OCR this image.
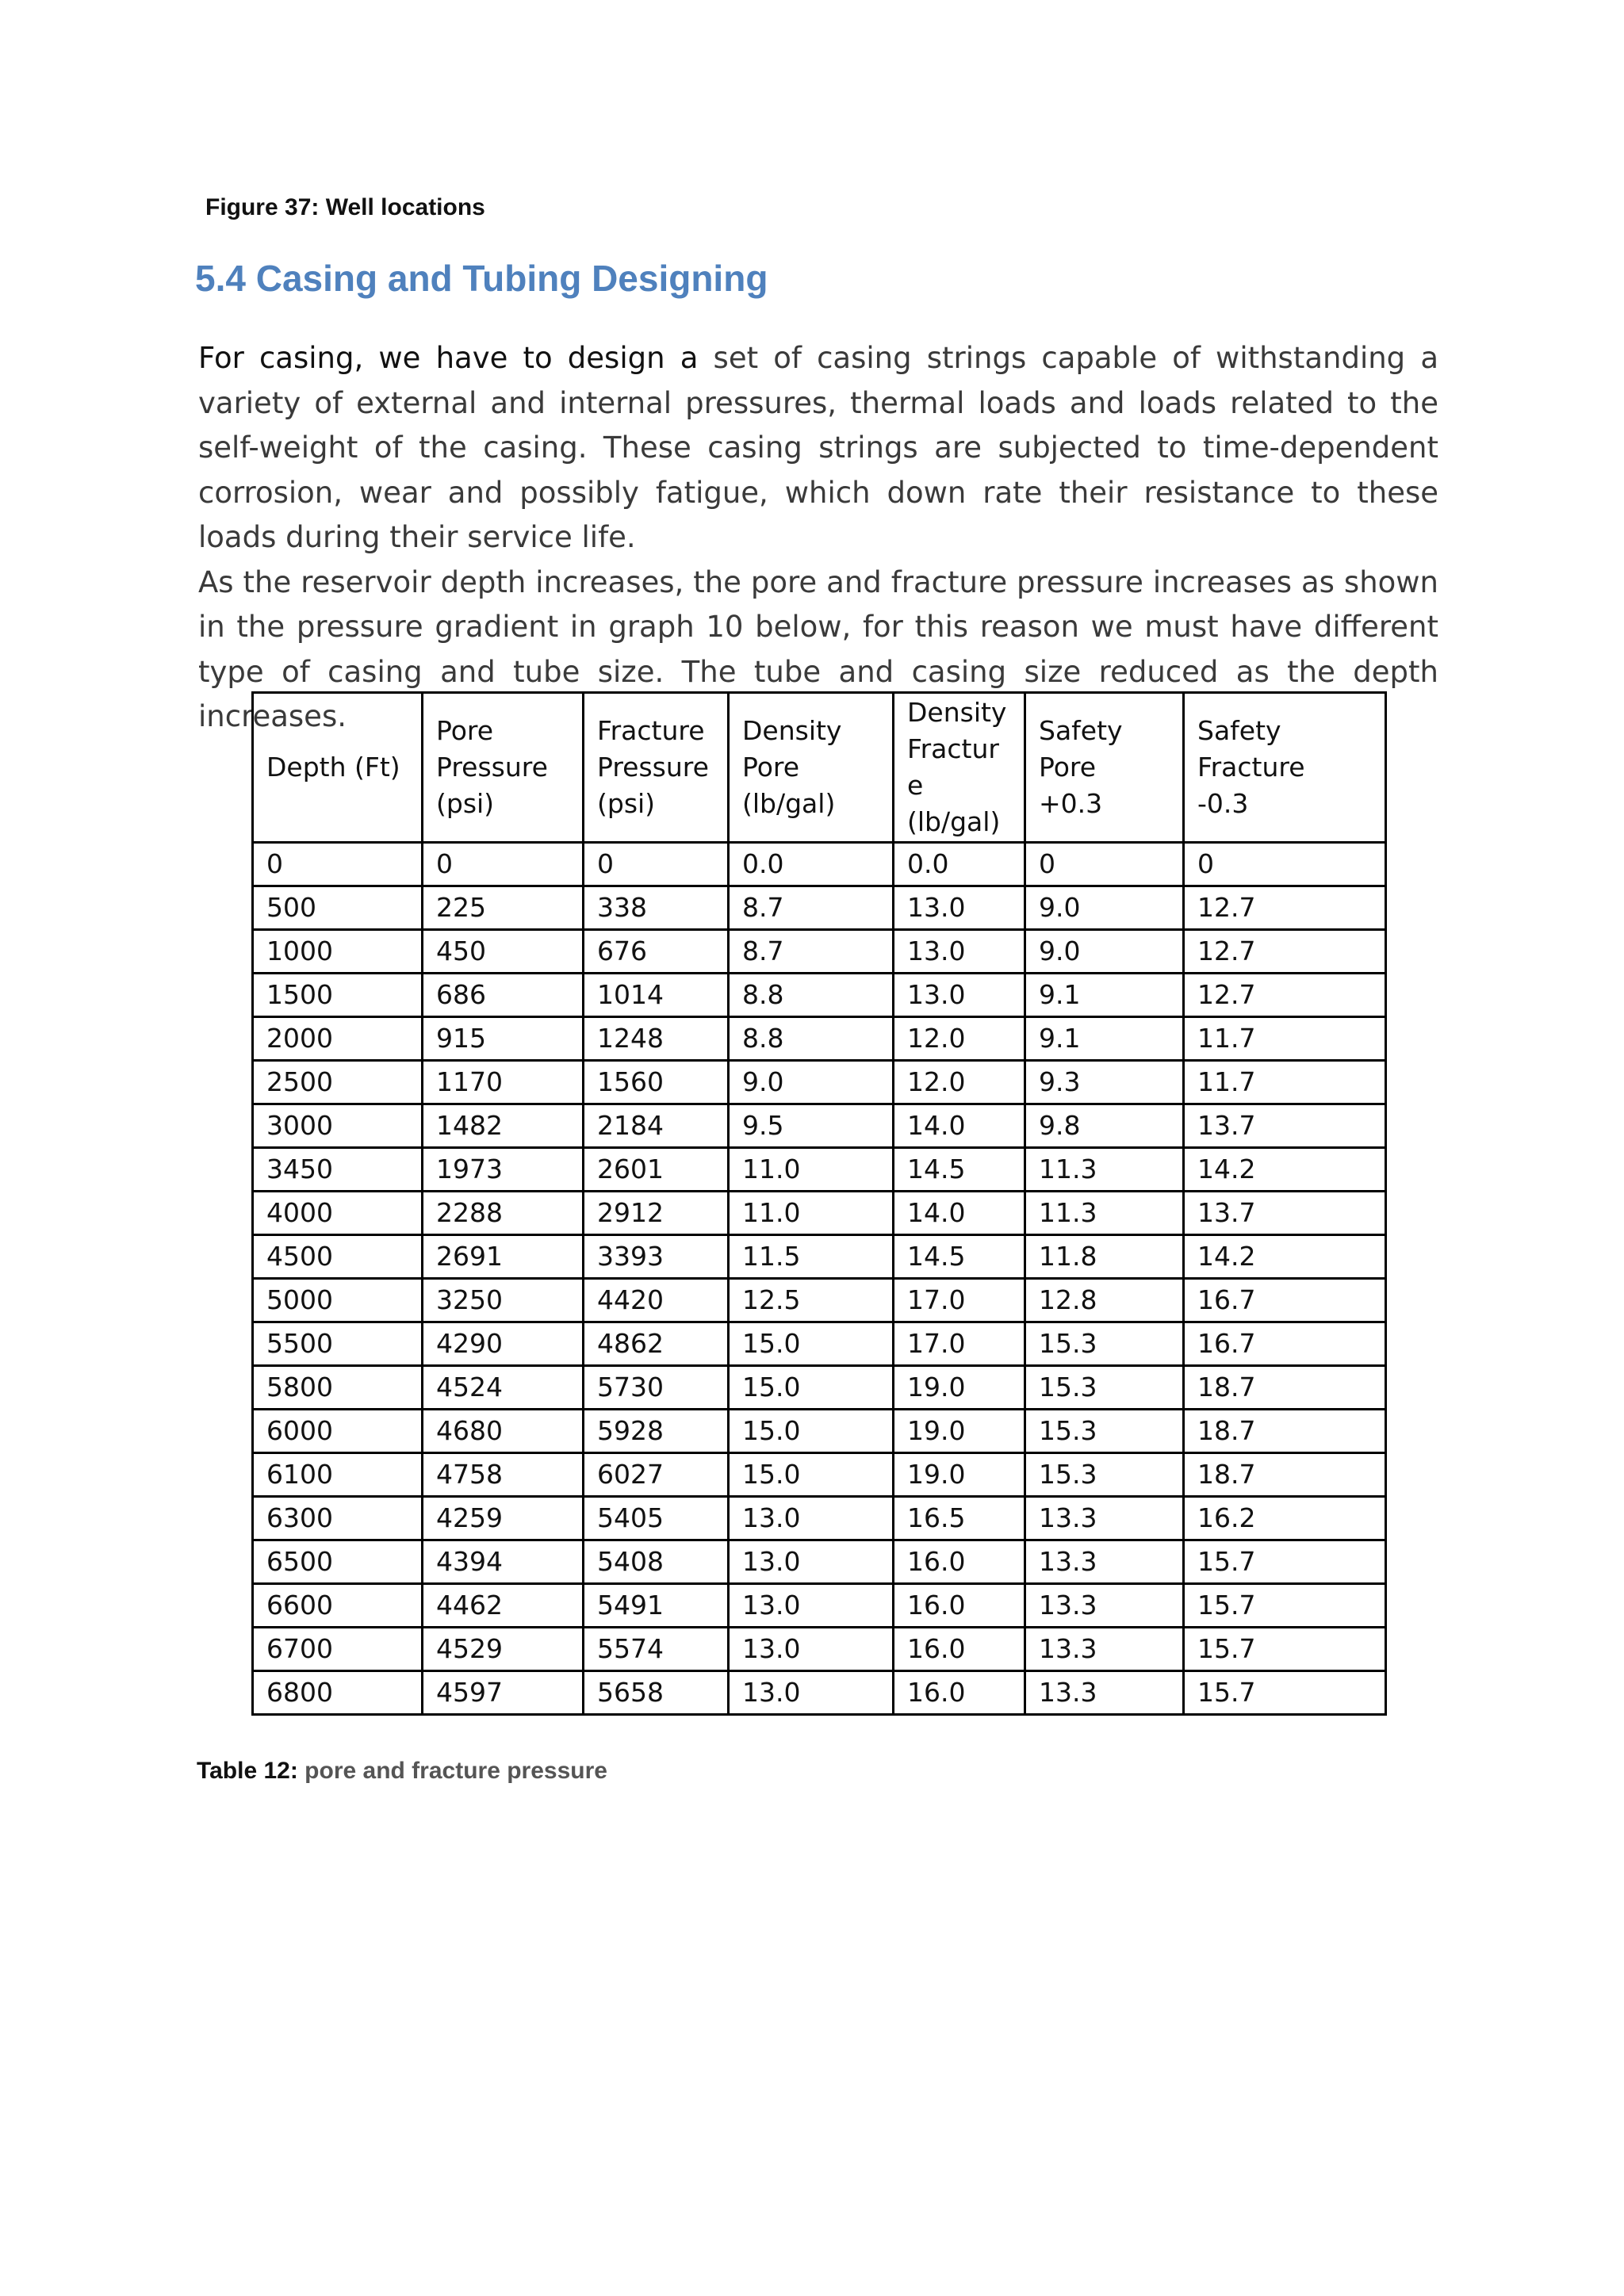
Figure 37: Well locations
5.4 Casing and Tubing Designing

For casing, we have to design a set of casing strings capable of withstanding a variety of external and internal pressures, thermal loads and loads related to the self-weight of the casing. These casing strings are subjected to time-dependent corrosion, wear and possibly fatigue, which down rate their resistance to these loads during their service life.

As the reservoir depth increases, the pore and fracture pressure increases as shown in the pressure gradient in graph 10 below, for this reason we must have different type of casing and tube size. The tube and casing size reduced as the depth increases.

Depth (Ft)	Pore
Pressure
(psi)	Fracture
Pressure
(psi)	Density
Pore
(lb/gal)	Density
Fractur
e
(lb/gal)	Safety
Pore
+0.3	Safety
Fracture
-0.3
0	0	0	0.0	0.0	0	0
500	225	338	8.7	13.0	9.0	12.7
1000	450	676	8.7	13.0	9.0	12.7
1500	686	1014	8.8	13.0	9.1	12.7
2000	915	1248	8.8	12.0	9.1	11.7
2500	1170	1560	9.0	12.0	9.3	11.7
3000	1482	2184	9.5	14.0	9.8	13.7
3450	1973	2601	11.0	14.5	11.3	14.2
4000	2288	2912	11.0	14.0	11.3	13.7
4500	2691	3393	11.5	14.5	11.8	14.2
5000	3250	4420	12.5	17.0	12.8	16.7
5500	4290	4862	15.0	17.0	15.3	16.7
5800	4524	5730	15.0	19.0	15.3	18.7
6000	4680	5928	15.0	19.0	15.3	18.7
6100	4758	6027	15.0	19.0	15.3	18.7
6300	4259	5405	13.0	16.5	13.3	16.2
6500	4394	5408	13.0	16.0	13.3	15.7
6600	4462	5491	13.0	16.0	13.3	15.7
6700	4529	5574	13.0	16.0	13.3	15.7
6800	4597	5658	13.0	16.0	13.3	15.7
Table 12: pore and fracture pressure
